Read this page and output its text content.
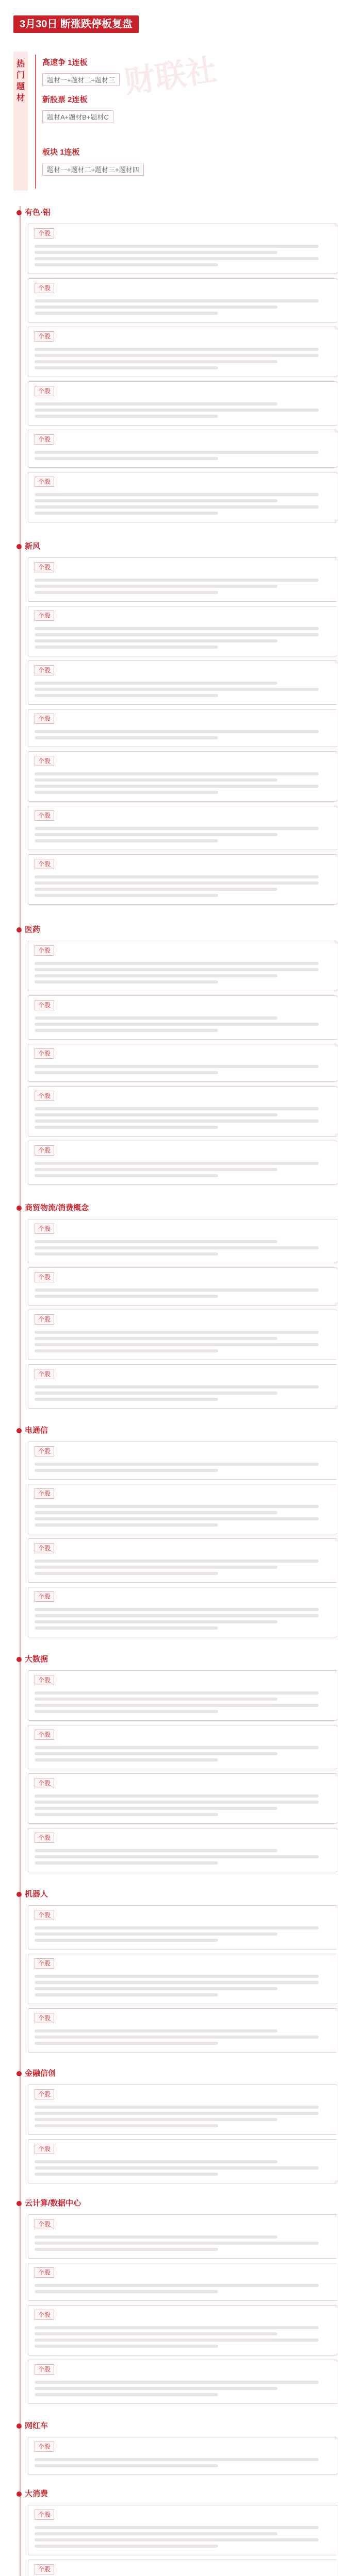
3月30日 断涨跌停板复盘
财联社
热门题材
高速争 1连板
题材一+题材二+题材三
新股票 2连板
题材A+题材B+题材C
板块 1连板
题材一+题材二+题材三+题材四
有色·铝
个股
个股
个股
个股
个股
个股
新风
个股
个股
个股
个股
个股
个股
个股
医药
个股
个股
个股
个股
个股
商贸物流/消费概念
个股
个股
个股
个股
电通信
个股
个股
个股
个股
大数据
个股
个股
个股
个股
机器人
个股
个股
个股
金融信创
个股
个股
云计算/数据中心
个股
个股
个股
个股
网红车
个股
大消费
个股
个股
